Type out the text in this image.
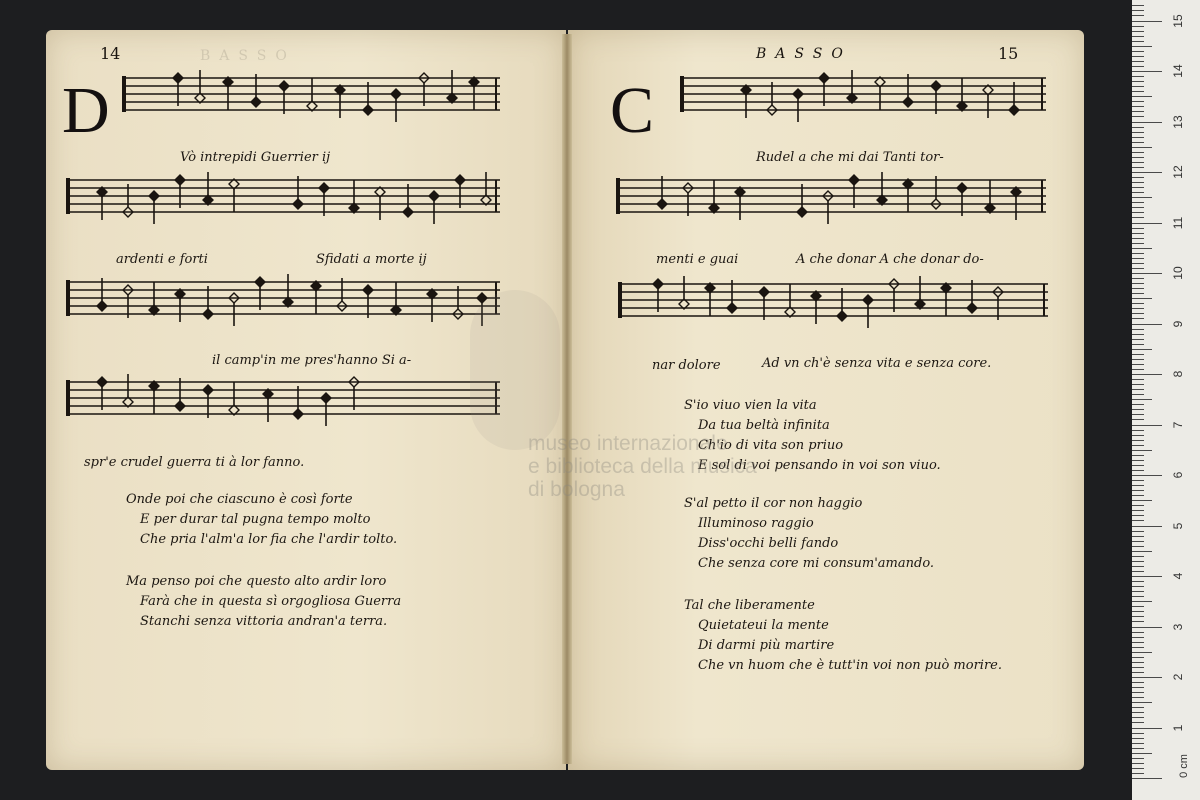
14	BASSO
D
Vò intrepidi Guerrier ij
ardenti e forti	Sfidati a morte ij
il camp'in me pres'hanno Si a-
spr'e crudel guerra ti à lor fanno.
Onde poi che ciascuno è così forte
E per durar tal pugna tempo molto
Che pria l'alm'a lor fia che l'ardir tolto.
Ma penso poi che questo alto ardir loro
Farà che in questa sì orgogliosa Guerra
Stanchi senza vittoria andran'a terra.
BASSO	15
C
Rudel a che mi dai Tanti tor-
menti e guai	A che donar A che donar do-
nar dolore	Ad vn ch'è senza vita e senza core.
S'io viuo vien la vita
Da tua beltà infinita
Ch'io di vita son priuo
E sol di voi pensando in voi son viuo.
S'al petto il cor non haggio
Illuminoso raggio
Diss'occhi belli fando
Che senza core mi consum'amando.
Tal che liberamente
Quietateui la mente
Di darmi più martire
Che vn huom che è tutt'in voi non può morire.
museo internazionale
e biblioteca della musica
di bologna
0 cm
15
14
13
12
11
10
9
8
7
6
5
4
3
2
1
